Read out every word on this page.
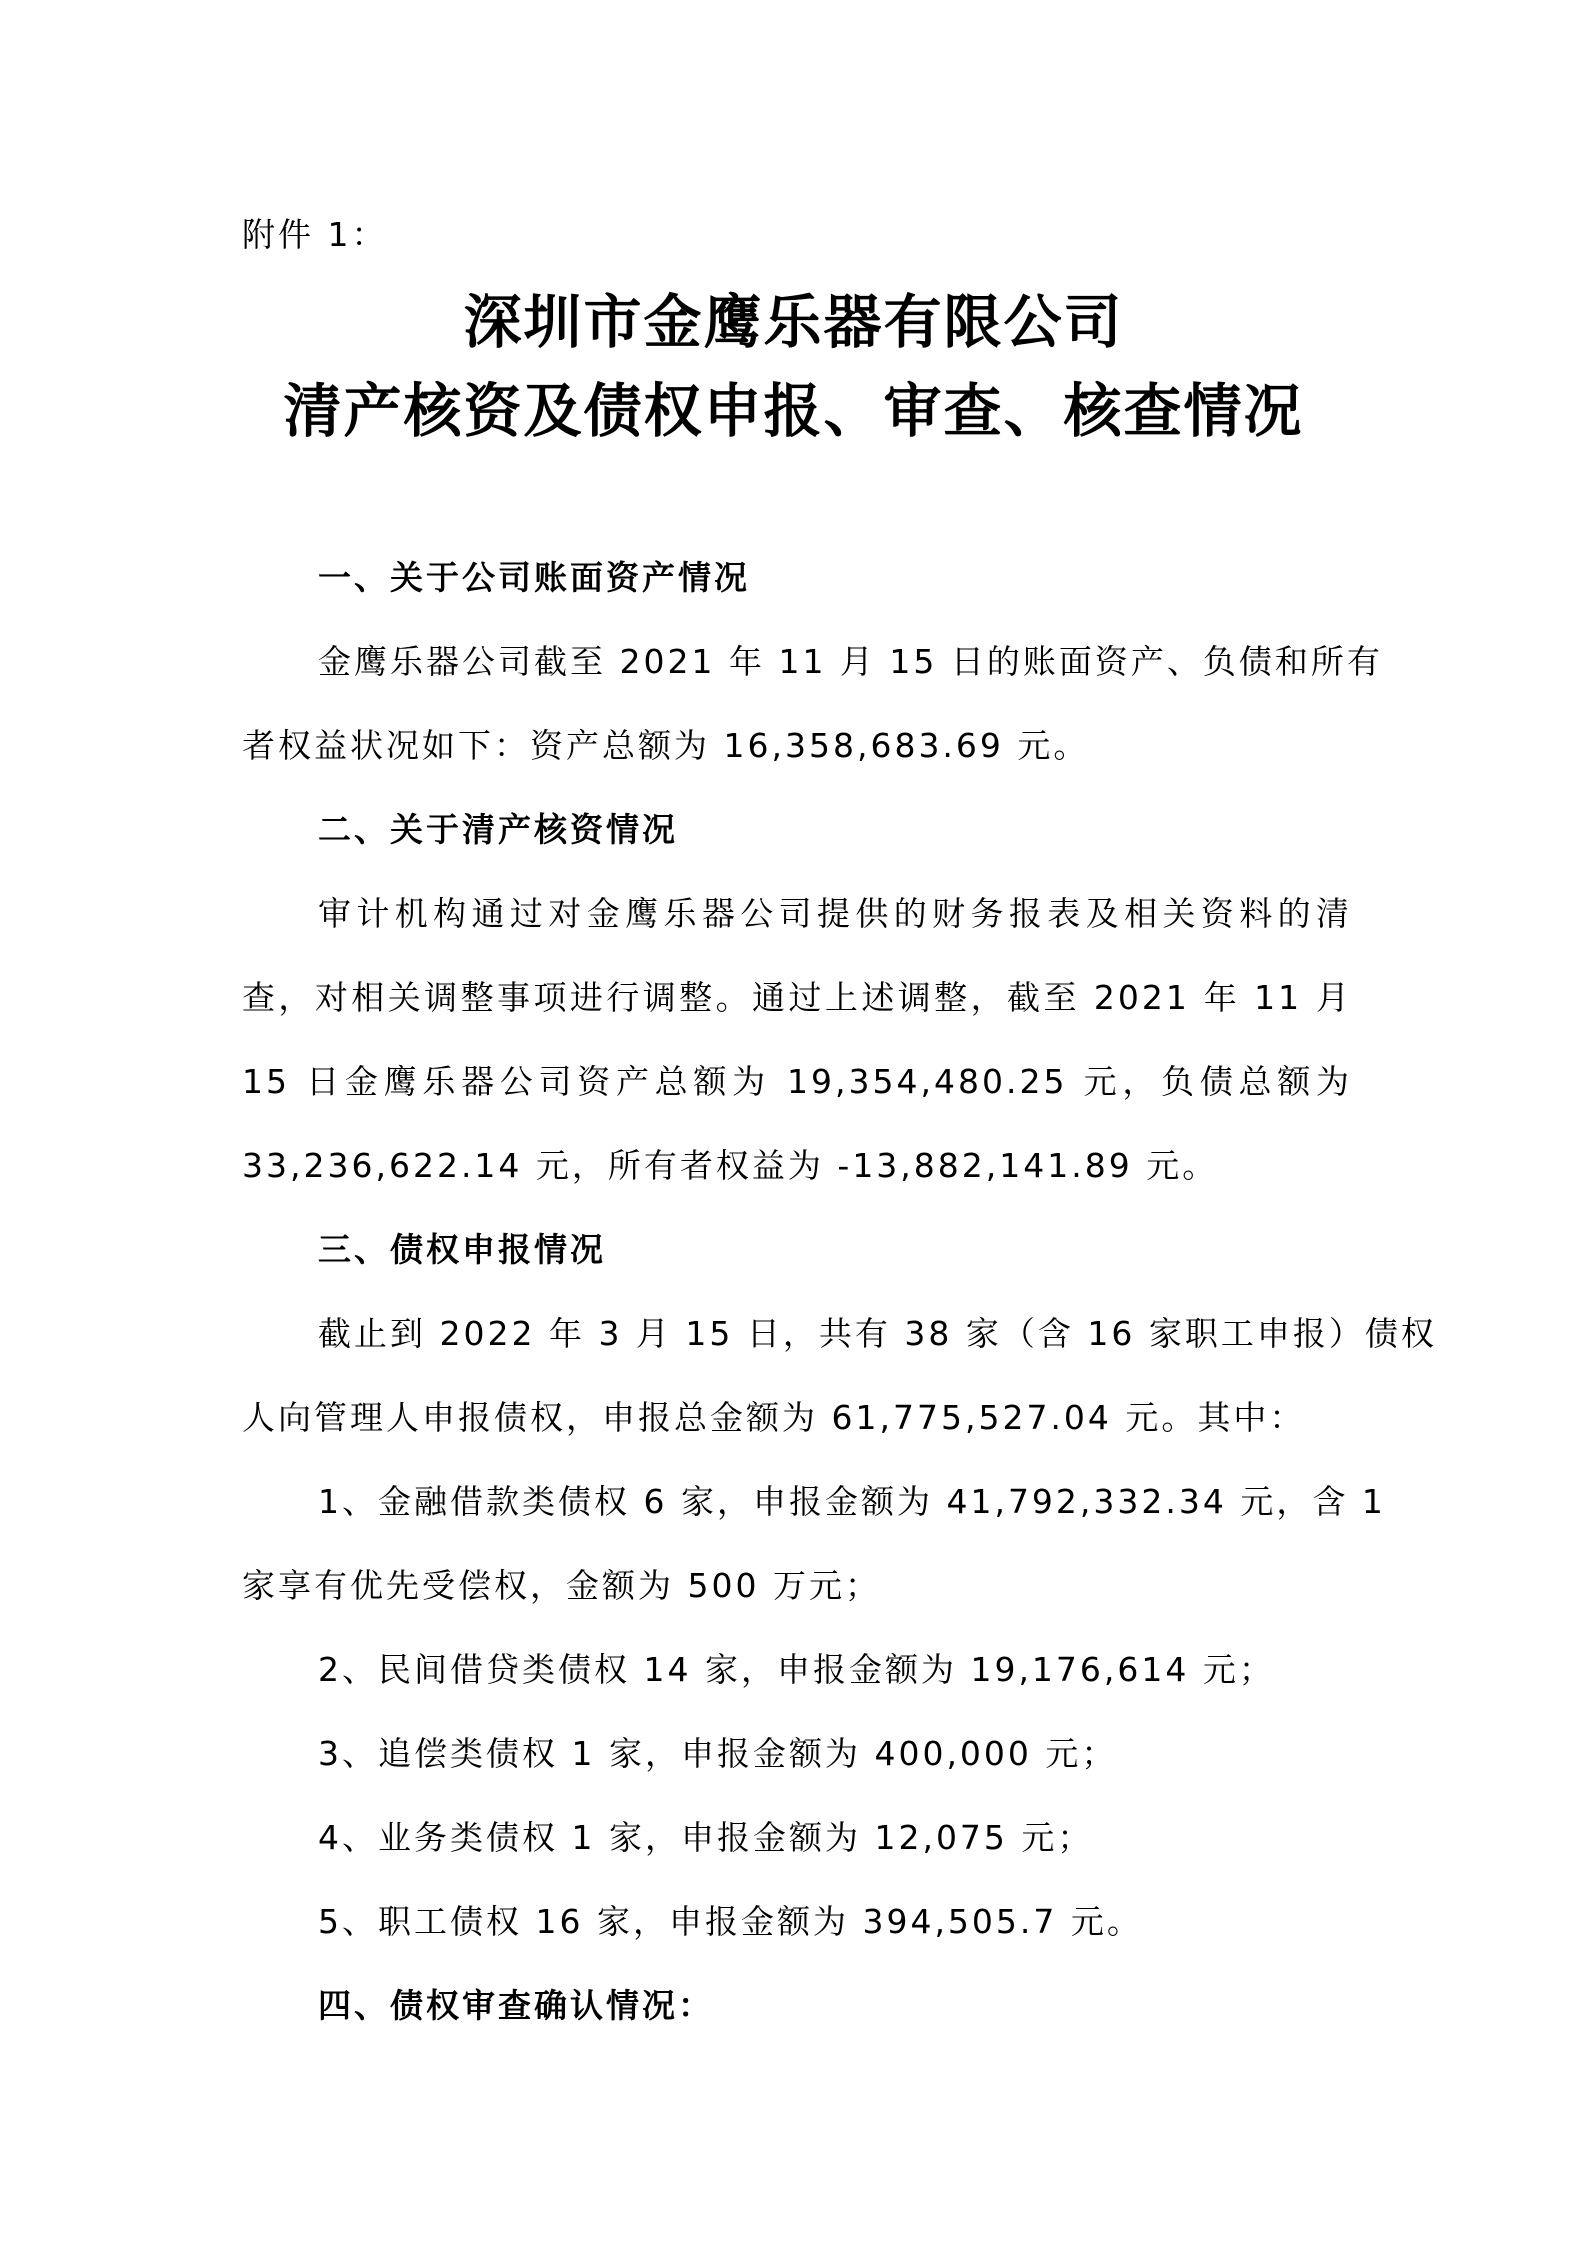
附件 1：
深圳市金鹰乐器有限公司
清产核资及债权申报、审查、核查情况
一、关于公司账面资产情况
金鹰乐器公司截至 2021 年 11 月 15 日的账面资产、负债和所有
者权益状况如下：资产总额为 16,358,683.69 元。
二、关于清产核资情况
审计机构通过对金鹰乐器公司提供的财务报表及相关资料的清
查，对相关调整事项进行调整。通过上述调整，截至 2021 年 11 月
15 日金鹰乐器公司资产总额为 19,354,480.25 元，负债总额为
33,236,622.14 元，所有者权益为 -13,882,141.89 元。
三、债权申报情况
截止到 2022 年 3 月 15 日，共有 38 家（含 16 家职工申报）债权
人向管理人申报债权，申报总金额为 61,775,527.04 元。其中：
1、金融借款类债权 6 家，申报金额为 41,792,332.34 元，含 1
家享有优先受偿权，金额为 500 万元；
2、民间借贷类债权 14 家，申报金额为 19,176,614 元；
3、追偿类债权 1 家，申报金额为 400,000 元；
4、业务类债权 1 家，申报金额为 12,075 元；
5、职工债权 16 家，申报金额为 394,505.7 元。
四、债权审查确认情况：
